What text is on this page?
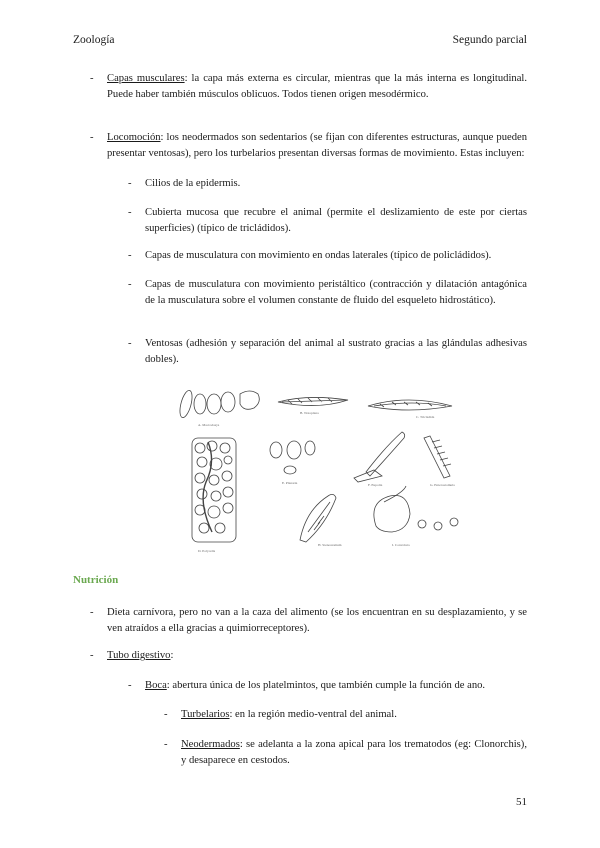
Zoología	Segundo parcial
- Capas musculares: la capa más externa es circular, mientras que la más interna es longitudinal. Puede haber también músculos oblicuos. Todos tienen origen mesodérmico.
- Locomoción: los neodermados son sedentarios (se fijan con diferentes estructuras, aunque pueden presentar ventosas), pero los turbelarios presentan diversas formas de movimiento. Estas incluyen:
- Cilios de la epidermis.
- Cubierta mucosa que recubre el animal (permite el deslizamiento de este por ciertas superficies) (típico de tricládidos).
- Capas de musculatura con movimiento en ondas laterales (típico de policládidos).
- Capas de musculatura con movimiento peristáltico (contracción y dilatación antagónica de la musculatura sobre el volumen constante de fluido del esqueleto hidrostático).
- Ventosas (adhesión y separación del animal al sustrato gracias a las glándulas adhesivas dobles).
A. Macrodasys
B. Notoplana
C. Tricladida
D. Polycelis
E. Planaria	F. Eupolia	G. Enterostomula
H. Stenostomum	I. Convoluta
Nutrición
- Dieta carnívora, pero no van a la caza del alimento (se los encuentran en su desplazamiento, y se ven atraídos a ella gracias a quimiorreceptores).
- Tubo digestivo:
- Boca: abertura única de los platelmintos, que también cumple la función de ano.
- Turbelarios: en la región medio-ventral del animal.
- Neodermados: se adelanta a la zona apical para los trematodos (eg: Clonorchis), y desaparece en cestodos.
51
